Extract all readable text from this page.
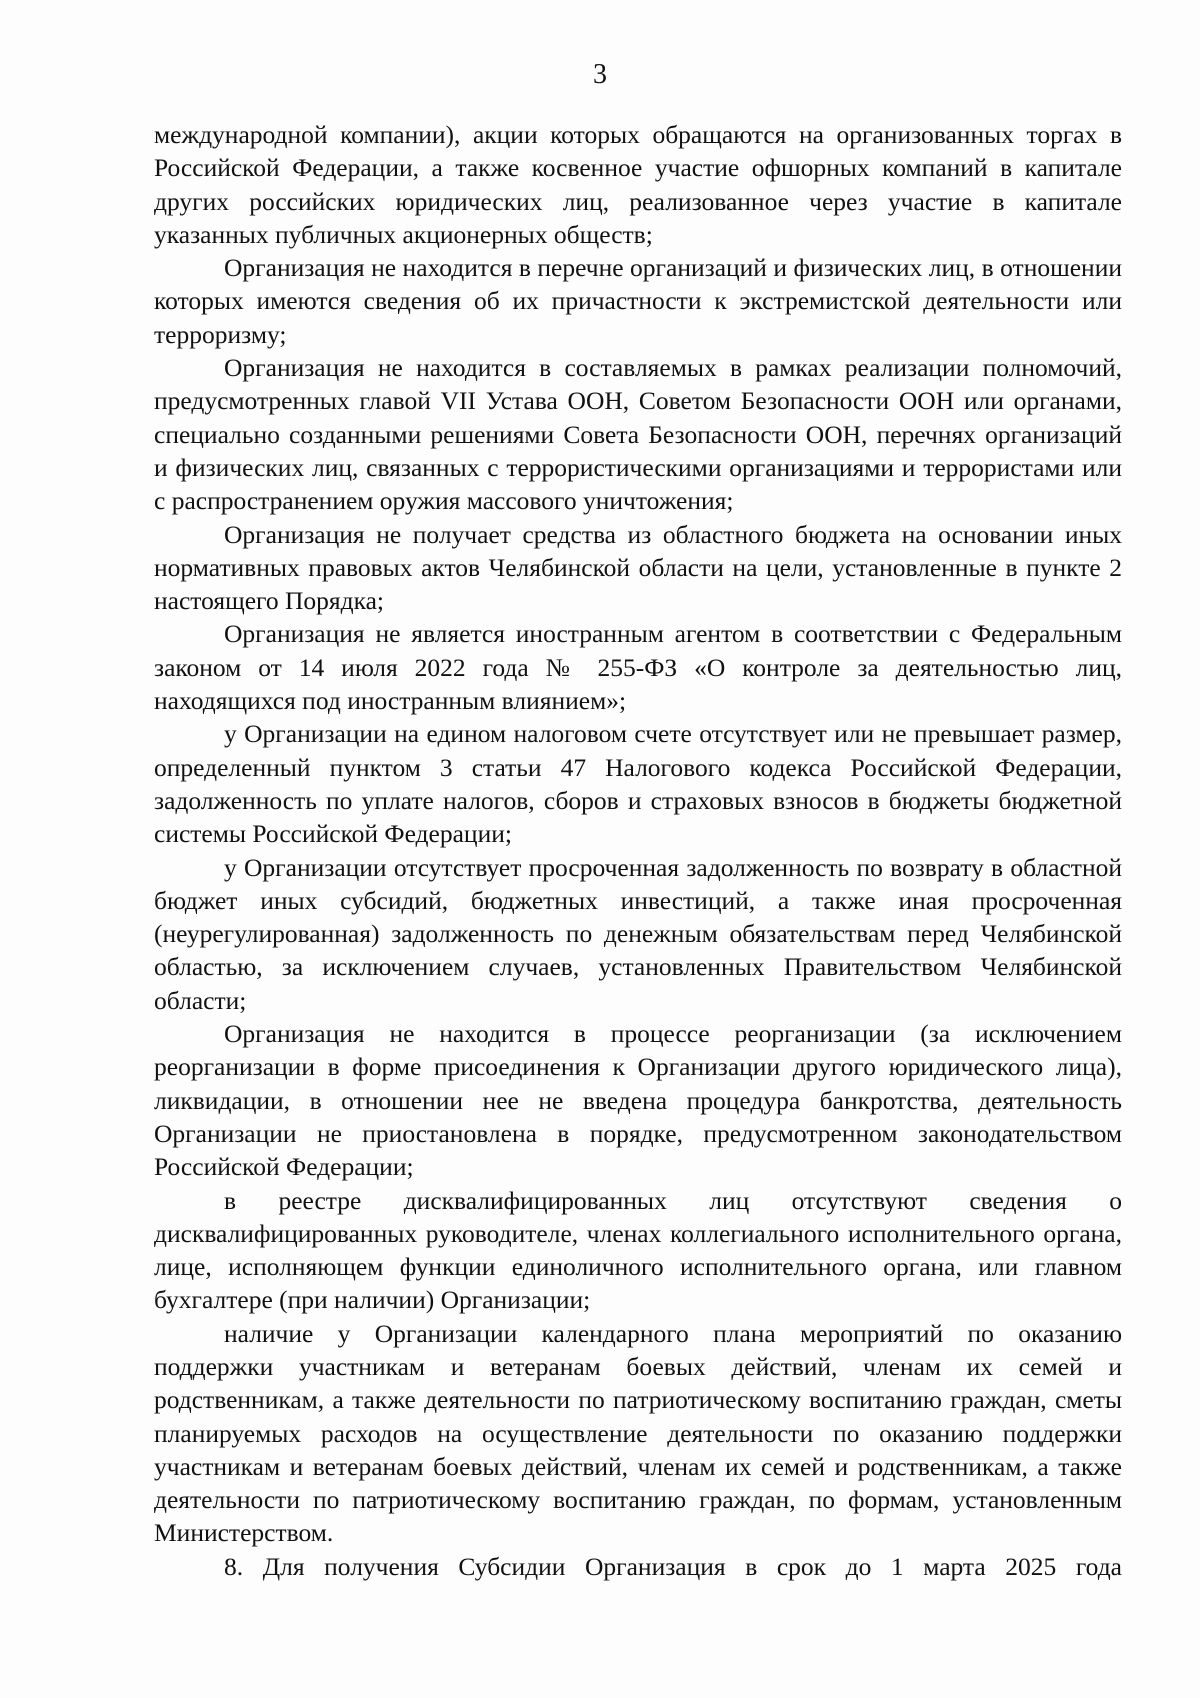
3

международной компании), акции которых обращаются на организованных торгах в Российской Федерации, а также косвенное участие офшорных компаний в капитале других российских юридических лиц, реализованное через участие в капитале указанных публичных акционерных обществ;

Организация не находится в перечне организаций и физических лиц, в отношении которых имеются сведения об их причастности к экстремистской деятельности или терроризму;

Организация не находится в составляемых в рамках реализации полномочий, предусмотренных главой VII Устава ООН, Советом Безопасности ООН или органами, специально созданными решениями Совета Безопасности ООН, перечнях организаций и физических лиц, связанных с террористическими организациями и террористами или с распространением оружия массового уничтожения;

Организация не получает средства из областного бюджета на основании иных нормативных правовых актов Челябинской области на цели, установленные в пункте 2 настоящего Порядка;

Организация не является иностранным агентом в соответствии с Федеральным законом от 14 июля 2022 года № 255-ФЗ «О контроле за деятельностью лиц, находящихся под иностранным влиянием»;

у Организации на едином налоговом счете отсутствует или не превышает размер, определенный пунктом 3 статьи 47 Налогового кодекса Российской Федерации, задолженность по уплате налогов, сборов и страховых взносов в бюджеты бюджетной системы Российской Федерации;

у Организации отсутствует просроченная задолженность по возврату в областной бюджет иных субсидий, бюджетных инвестиций, а также иная просроченная (неурегулированная) задолженность по денежным обязательствам перед Челябинской областью, за исключением случаев, установленных Правительством Челябинской области;

Организация не находится в процессе реорганизации (за исключением реорганизации в форме присоединения к Организации другого юридического лица), ликвидации, в отношении нее не введена процедура банкротства, деятельность Организации не приостановлена в порядке, предусмотренном законодательством Российской Федерации;

в реестре дисквалифицированных лиц отсутствуют сведения о дисквалифицированных руководителе, членах коллегиального исполнительного органа, лице, исполняющем функции единоличного исполнительного органа, или главном бухгалтере (при наличии) Организации;

наличие у Организации календарного плана мероприятий по оказанию поддержки участникам и ветеранам боевых действий, членам их семей и родственникам, а также деятельности по патриотическому воспитанию граждан, сметы планируемых расходов на осуществление деятельности по оказанию поддержки участникам и ветеранам боевых действий, членам их семей и родственникам, а также деятельности по патриотическому воспитанию граждан, по формам, установленным Министерством.

8. Для получения Субсидии Организация в срок до 1 марта 2025 года
